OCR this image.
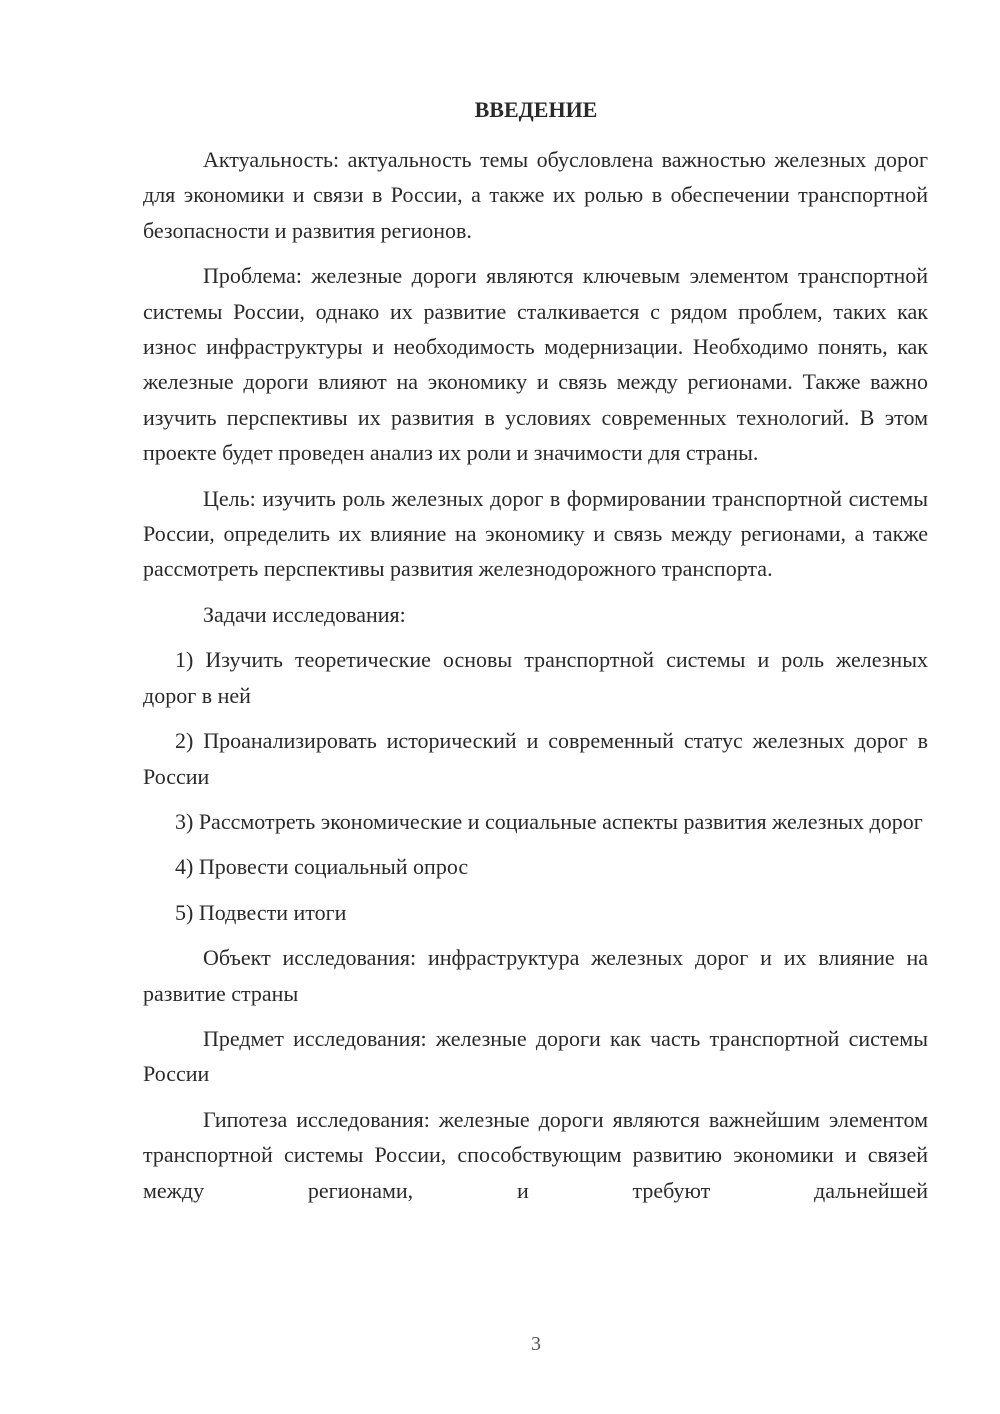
ВВЕДЕНИЕ

Актуальность: актуальность темы обусловлена важностью железных дорог для экономики и связи в России, а также их ролью в обеспечении транспортной безопасности и развития регионов.

Проблема: железные дороги являются ключевым элементом транспортной системы России, однако их развитие сталкивается с рядом проблем, таких как износ инфраструктуры и необходимость модернизации. Необходимо понять, как железные дороги влияют на экономику и связь между регионами. Также важно изучить перспективы их развития в условиях современных технологий. В этом проекте будет проведен анализ их роли и значимости для страны.

Цель: изучить роль железных дорог в формировании транспортной системы России, определить их влияние на экономику и связь между регионами, а также рассмотреть перспективы развития железнодорожного транспорта.

Задачи исследования:

1) Изучить теоретические основы транспортной системы и роль железных дорог в ней

2) Проанализировать исторический и современный статус железных дорог в России

3) Рассмотреть экономические и социальные аспекты развития железных дорог

4) Провести социальный опрос

5) Подвести итоги

Объект исследования: инфраструктура железных дорог и их влияние на развитие страны

Предмет исследования: железные дороги как часть транспортной системы России

Гипотеза исследования: железные дороги являются важнейшим элементом транспортной системы России, способствующим развитию экономики и связей между регионами, и требуют дальнейшей

3
